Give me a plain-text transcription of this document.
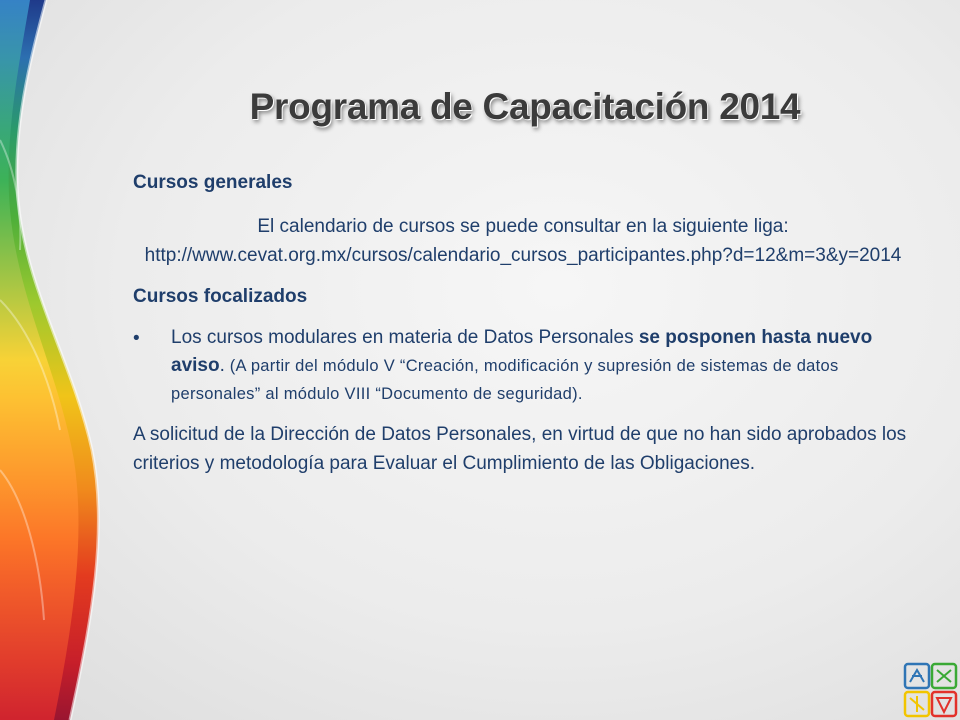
Programa de Capacitación 2014

Cursos generales

El calendario de cursos se puede consultar en la siguiente liga:

http://www.cevat.org.mx/cursos/calendario_cursos_participantes.php?d=12&m=3&y=2014

Cursos focalizados

•	Los cursos modulares en materia de Datos Personales se posponen hasta nuevo aviso. (A partir del módulo V “Creación, modificación y supresión de sistemas de datos personales” al módulo VIII “Documento de seguridad).

A solicitud de la Dirección de Datos Personales, en virtud de que no han sido aprobados los criterios y metodología para Evaluar el Cumplimiento de las Obligaciones.
